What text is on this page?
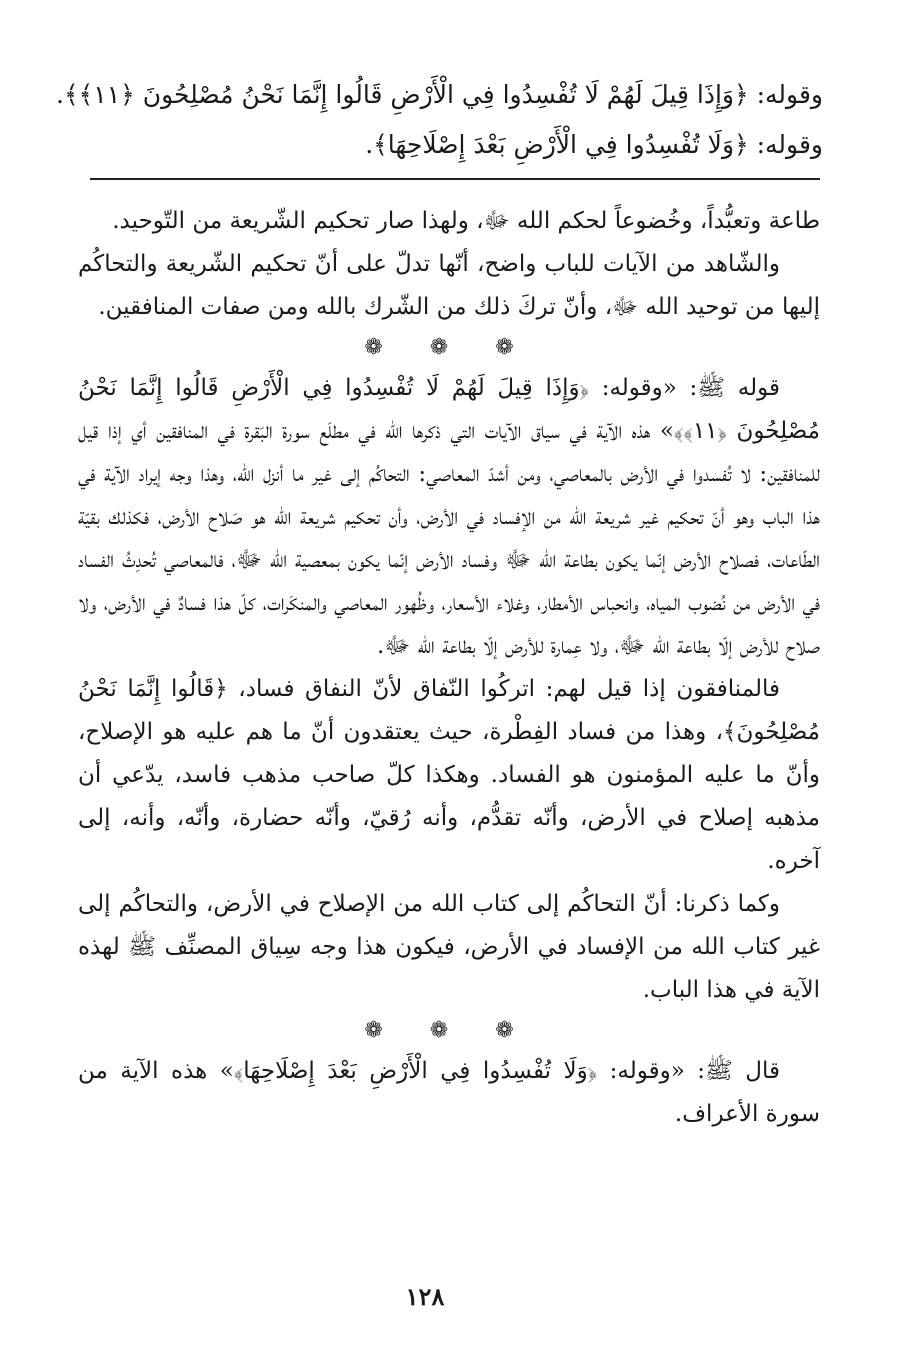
وقوله: ﴿وَإِذَا قِيلَ لَهُمْ لَا تُفْسِدُوا فِي الْأَرْضِ قَالُوا إِنَّمَا نَحْنُ مُصْلِحُونَ ﴿١١﴾﴾.
وقوله: ﴿وَلَا تُفْسِدُوا فِي الْأَرْضِ بَعْدَ إِصْلَاحِهَا﴾.

طاعة وتعبُّداً، وخُضوعاً لحكم الله ﷻ، ولهذا صار تحكيم الشّريعة من التّوحيد.

والشّاهد من الآيات للباب واضح، أنّها تدلّ على أنّ تحكيم الشّريعة والتحاكُم إليها من توحيد الله ﷻ، وأنّ تركَ ذلك من الشّرك بالله ومن صفات المنافقين.

❁ ❁ ❁

قوله ﷺ: «وقوله: ﴿وَإِذَا قِيلَ لَهُمْ لَا تُفْسِدُوا فِي الْأَرْضِ قَالُوا إِنَّمَا نَحْنُ مُصْلِحُونَ ﴿١١﴾﴾» هذه الآية في سياق الآيات التي ذكرها الله في مطلَع سورة البَقرة في المنافقين أي إذا قيل للمنافقين: لا تُفسدوا في الأرض بالمعاصي، ومن أشدّ المعاصي: التحاكُم إلى غير ما أنزل الله، وهذا وجه إيراد الآية في هذا الباب وهو أنّ تحكيم غير شريعة الله من الإفساد في الأرض، وأن تحكيم شريعة الله هو صَلاح الأرض، فكذلك بقيّة الطّاعات، فصلاح الأرض إنّما يكون بطاعة الله ﷻ وفساد الأرض إنّما يكون بمعصية الله ﷻ، فالمعاصي تُحدِثُ الفساد في الأرض من نُضوب المياه، وانحباس الأمطار، وغلاء الأسعار، وظُهور المعاصي والمنكَرات، كلّ هذا فسادٌ في الأرض، ولا صلاح للأرض إلّا بطاعة الله ﷻ، ولا عِمارة للأرض إلّا بطاعة الله ﷻ.

فالمنافقون إذا قيل لهم: اتركُوا النّفاق لأنّ النفاق فساد، ﴿قَالُوا إِنَّمَا نَحْنُ مُصْلِحُونَ﴾، وهذا من فساد الفِطْرة، حيث يعتقدون أنّ ما هم عليه هو الإصلاح، وأنّ ما عليه المؤمنون هو الفساد. وهكذا كلّ صاحب مذهب فاسد، يدّعي أن مذهبه إصلاح في الأرض، وأنّه تقدُّم، وأنه رُقيّ، وأنّه حضارة، وأنّه، وأنه، إلى آخره.

وكما ذكرنا: أنّ التحاكُم إلى كتاب الله من الإصلاح في الأرض، والتحاكُم إلى غير كتاب الله من الإفساد في الأرض، فيكون هذا وجه سِياق المصنِّف ﷺ لهذه الآية في هذا الباب.

❁ ❁ ❁

قال ﷺ: «وقوله: ﴿وَلَا تُفْسِدُوا فِي الْأَرْضِ بَعْدَ إِصْلَاحِهَا﴾» هذه الآية من سورة الأعراف.

١٢٨
